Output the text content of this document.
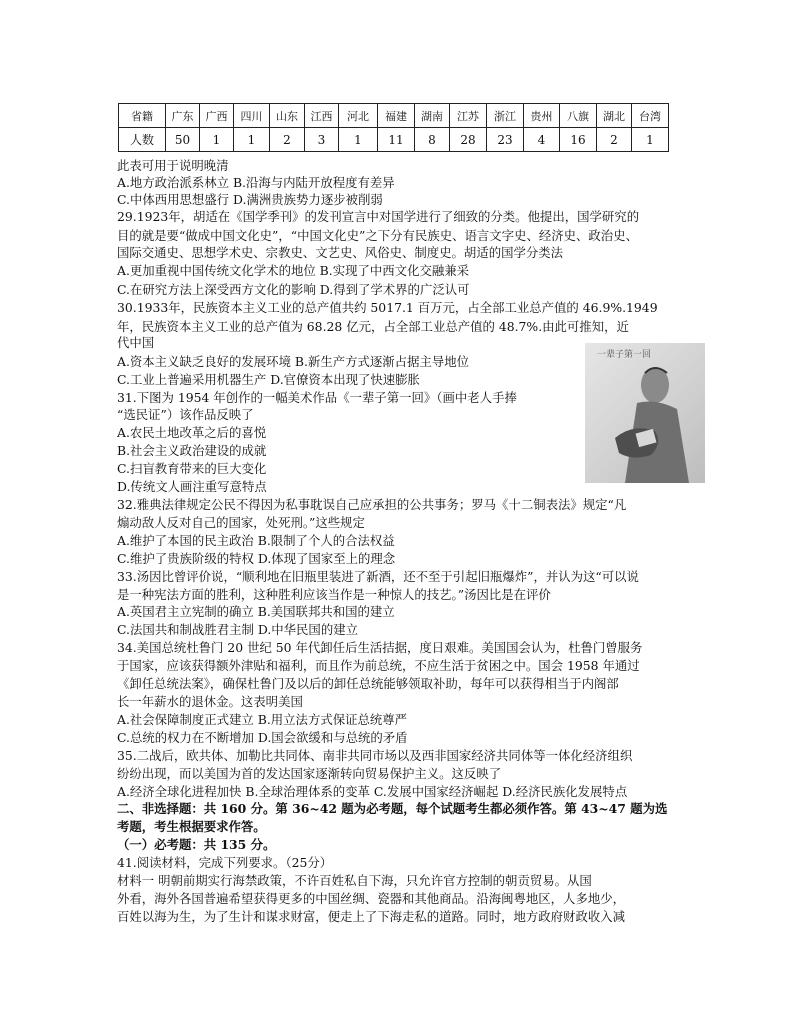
省籍	广东	广西	四川	山东	江西	河北	福建	湖南	江苏	浙江	贵州	八旗	湖北	台湾
人数	50	1	1	2	3	1	11	8	28	23	4	16	2	1
此表可用于说明晚清
A.地方政治派系林立 B.沿海与内陆开放程度有差异
C.中体西用思想盛行 D.满洲贵族势力逐步被削弱
29.1923年，胡适在《国学季刊》的发刊宣言中对国学进行了细致的分类。他提出，国学研究的
目的就是要“做成中国文化史”，“中国文化史”之下分有民族史、语言文字史、经济史、政治史、
国际交通史、思想学术史、宗教史、文艺史、风俗史、制度史。胡适的国学分类法
A.更加重视中国传统文化学术的地位 B.实现了中西文化交融兼采
C.在研究方法上深受西方文化的影响 D.得到了学术界的广泛认可
30.1933年，民族资本主义工业的总产值共约 5017.1 百万元，占全部工业总产值的 46.9%.1949
年，民族资本主义工业的总产值为 68.28 亿元，占全部工业总产值的 48.7%.由此可推知，近
代中国
A.资本主义缺乏良好的发展环境 B.新生产方式逐渐占据主导地位
C.工业上普遍采用机器生产 D.官僚资本出现了快速膨胀
31.下图为 1954 年创作的一幅美术作品《一辈子第一回》（画中老人手捧
“选民证”）该作品反映了
A.农民土地改革之后的喜悦
B.社会主义政治建设的成就
C.扫盲教育带来的巨大变化
D.传统文人画注重写意特点
32.雅典法律规定公民不得因为私事耽误自己应承担的公共事务；罗马《十二铜表法》规定“凡
煽动敌人反对自己的国家，处死刑。”这些规定
A.维护了本国的民主政治 B.限制了个人的合法权益
C.维护了贵族阶级的特权 D.体现了国家至上的理念
33.汤因比曾评价说，“顺利地在旧瓶里装进了新酒，还不至于引起旧瓶爆炸”，并认为这“可以说
是一种宪法方面的胜利，这种胜利应该当作是一种惊人的技艺。”汤因比是在评价
A.英国君主立宪制的确立 B.美国联邦共和国的建立
C.法国共和制战胜君主制 D.中华民国的建立
34.美国总统杜鲁门 20 世纪 50 年代卸任后生活拮据，度日艰难。美国国会认为，杜鲁门曾服务
于国家，应该获得额外津贴和福利，而且作为前总统，不应生活于贫困之中。国会 1958 年通过
《卸任总统法案》，确保杜鲁门及以后的卸任总统能够领取补助，每年可以获得相当于内阁部
长一年薪水的退休金。这表明美国
A.社会保障制度正式建立 B.用立法方式保证总统尊严
C.总统的权力在不断增加 D.国会欲缓和与总统的矛盾
35.二战后，欧共体、加勒比共同体、南非共同市场以及西非国家经济共同体等一体化经济组织
纷纷出现，而以美国为首的发达国家逐渐转向贸易保护主义。这反映了
A.经济全球化进程加快 B.全球治理体系的变革 C.发展中国家经济崛起 D.经济民族化发展特点
二、非选择题：共 160 分。第 36~42 题为必考题，每个试题考生都必须作答。第 43~47 题为选
考题，考生根据要求作答。
（一）必考题：共 135 分。
41.阅读材料，完成下列要求。（25分）
材料一 明朝前期实行海禁政策，不许百姓私自下海，只允许官方控制的朝贡贸易。从国
外看，海外各国普遍希望获得更多的中国丝绸、瓷器和其他商品。沿海闽粤地区，人多地少，
百姓以海为生，为了生计和谋求财富，便走上了下海走私的道路。同时，地方政府财政收入减
一辈子第一回
